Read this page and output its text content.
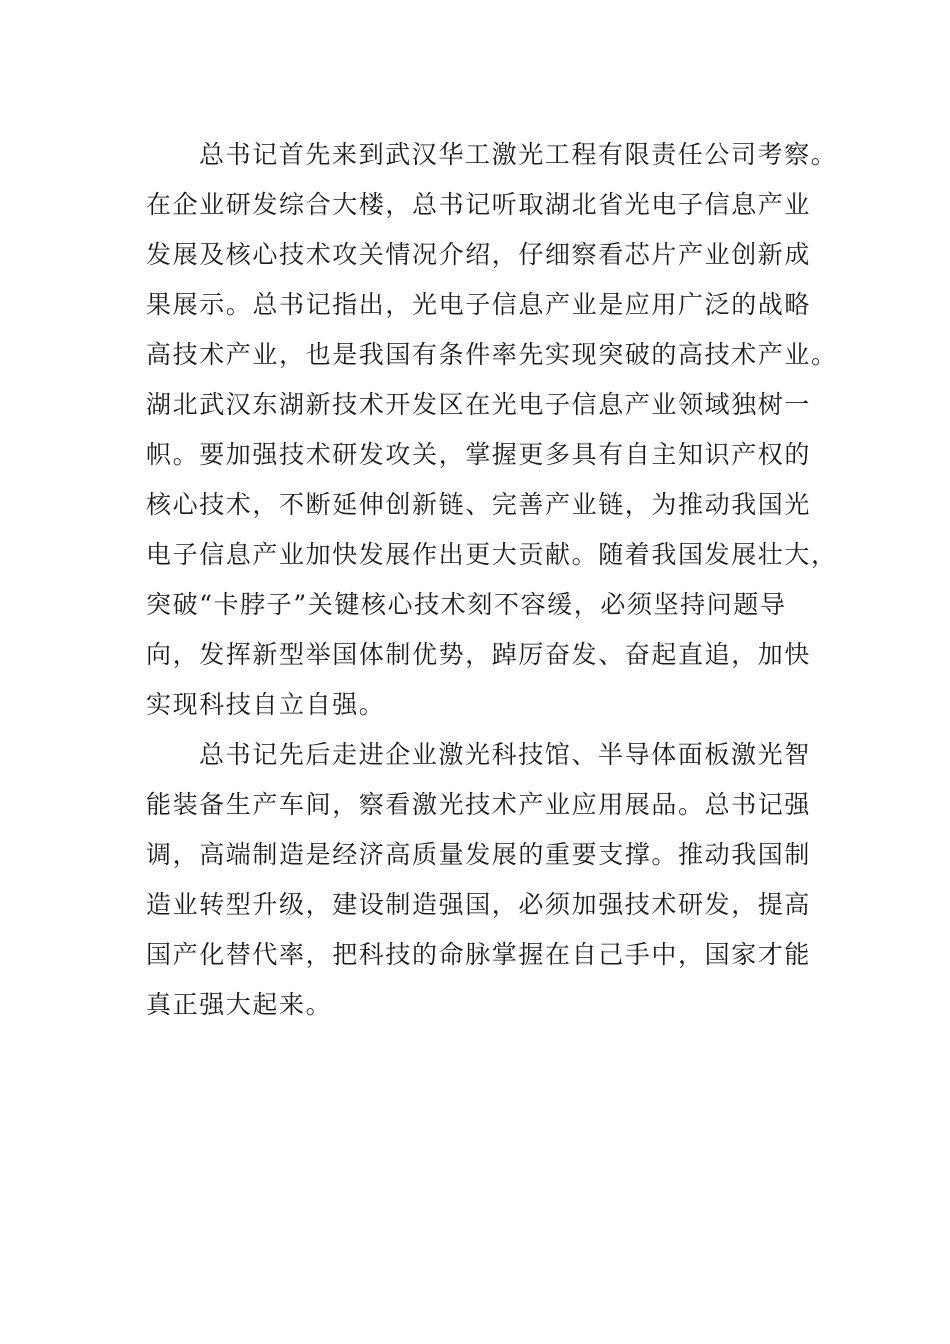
总书记首先来到武汉华工激光工程有限责任公司考察。
在企业研发综合大楼，总书记听取湖北省光电子信息产业
发展及核心技术攻关情况介绍，仔细察看芯片产业创新成
果展示。总书记指出，光电子信息产业是应用广泛的战略
高技术产业，也是我国有条件率先实现突破的高技术产业。
湖北武汉东湖新技术开发区在光电子信息产业领域独树一
帜。要加强技术研发攻关，掌握更多具有自主知识产权的
核心技术，不断延伸创新链、完善产业链，为推动我国光
电子信息产业加快发展作出更大贡献。随着我国发展壮大，
突破“卡脖子”关键核心技术刻不容缓，必须坚持问题导
向，发挥新型举国体制优势，踔厉奋发、奋起直追，加快
实现科技自立自强。
总书记先后走进企业激光科技馆、半导体面板激光智
能装备生产车间，察看激光技术产业应用展品。总书记强
调，高端制造是经济高质量发展的重要支撑。推动我国制
造业转型升级，建设制造强国，必须加强技术研发，提高
国产化替代率，把科技的命脉掌握在自己手中，国家才能
真正强大起来。
